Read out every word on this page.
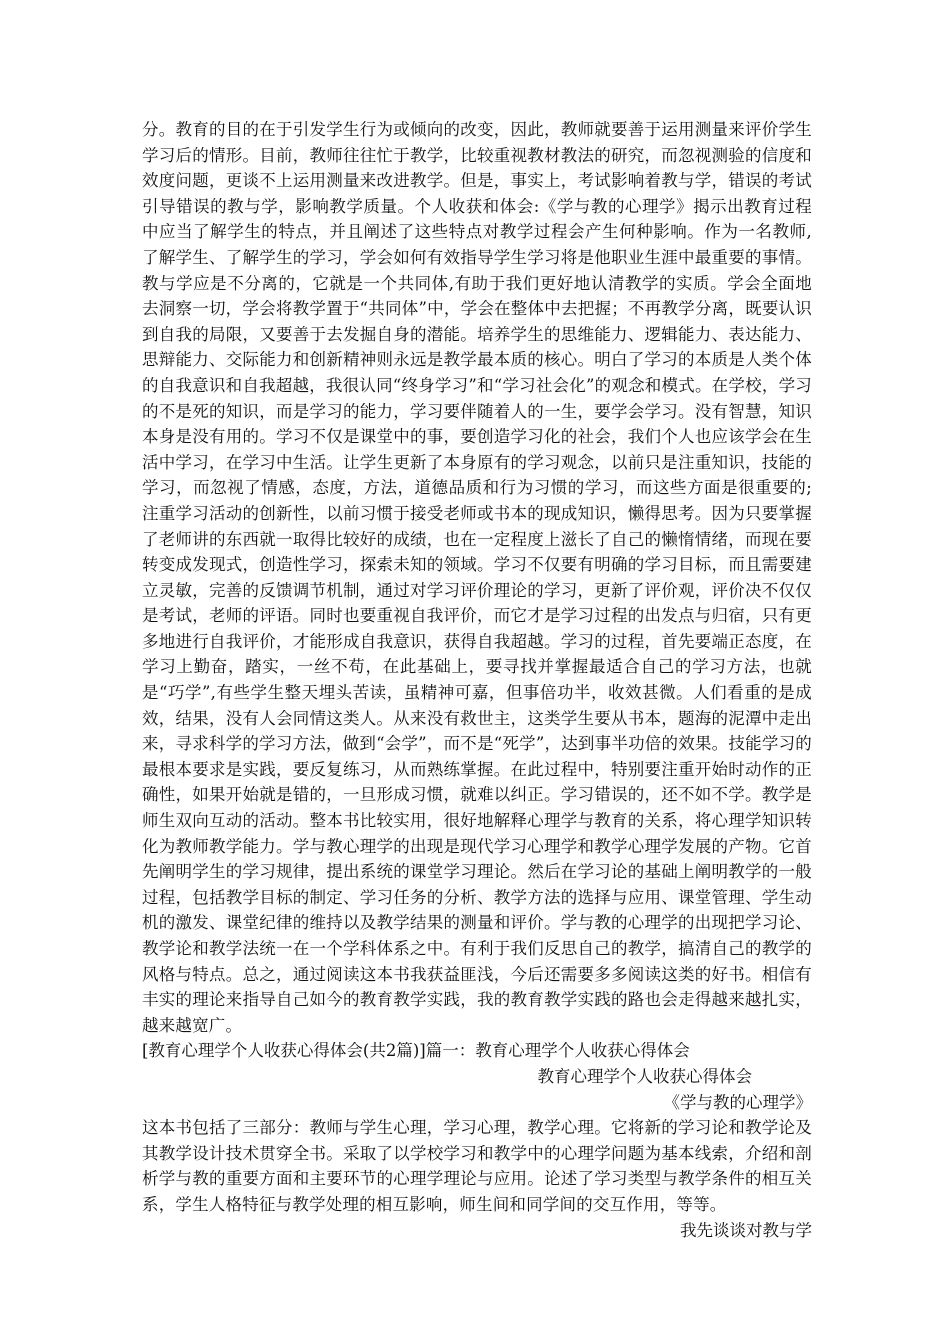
分。教育的目的在于引发学生行为或倾向的改变，因此，教师就要善于运用测量来评价学生学习后的情形。目前，教师往往忙于教学，比较重视教材教法的研究，而忽视测验的信度和效度问题，更谈不上运用测量来改进教学。但是，事实上，考试影响着教与学，错误的考试引导错误的教与学，影响教学质量。个人收获和体会:《学与教的心理学》揭示出教育过程中应当了解学生的特点，并且阐述了这些特点对教学过程会产生何种影响。作为一名教师,了解学生、了解学生的学习，学会如何有效指导学生学习将是他职业生涯中最重要的事情。教与学应是不分离的，它就是一个共同体,有助于我们更好地认清教学的实质。学会全面地去洞察一切，学会将教学置于“共同体”中，学会在整体中去把握；不再教学分离，既要认识到自我的局限，又要善于去发掘自身的潜能。培养学生的思维能力、逻辑能力、表达能力、思辩能力、交际能力和创新精神则永远是教学最本质的核心。明白了学习的本质是人类个体的自我意识和自我超越，我很认同“终身学习”和“学习社会化”的观念和模式。在学校，学习的不是死的知识，而是学习的能力，学习要伴随着人的一生，要学会学习。没有智慧，知识本身是没有用的。学习不仅是课堂中的事，要创造学习化的社会，我们个人也应该学会在生活中学习，在学习中生活。让学生更新了本身原有的学习观念，以前只是注重知识，技能的学习，而忽视了情感，态度，方法，道德品质和行为习惯的学习，而这些方面是很重要的;注重学习活动的创新性，以前习惯于接受老师或书本的现成知识，懒得思考。因为只要掌握了老师讲的东西就一取得比较好的成绩，也在一定程度上滋长了自己的懒惰情绪，而现在要转变成发现式，创造性学习，探索未知的领域。学习不仅要有明确的学习目标，而且需要建立灵敏，完善的反馈调节机制，通过对学习评价理论的学习，更新了评价观，评价决不仅仅是考试，老师的评语。同时也要重视自我评价，而它才是学习过程的出发点与归宿，只有更多地进行自我评价，才能形成自我意识，获得自我超越。学习的过程，首先要端正态度，在学习上勤奋，踏实，一丝不苟，在此基础上，要寻找并掌握最适合自己的学习方法，也就是“巧学”,有些学生整天埋头苦读，虽精神可嘉，但事倍功半，收效甚微。人们看重的是成效，结果，没有人会同情这类人。从来没有救世主，这类学生要从书本，题海的泥潭中走出来，寻求科学的学习方法，做到“会学”，而不是“死学”，达到事半功倍的效果。技能学习的最根本要求是实践，要反复练习，从而熟练掌握。在此过程中，特别要注重开始时动作的正确性，如果开始就是错的，一旦形成习惯，就难以纠正。学习错误的，还不如不学。教学是师生双向互动的活动。整本书比较实用，很好地解释心理学与教育的关系，将心理学知识转化为教师教学能力。学与教心理学的出现是现代学习心理学和教学心理学发展的产物。它首先阐明学生的学习规律，提出系统的课堂学习理论。然后在学习论的基础上阐明教学的一般过程，包括教学目标的制定、学习任务的分析、教学方法的选择与应用、课堂管理、学生动机的激发、课堂纪律的维持以及教学结果的测量和评价。学与教的心理学的出现把学习论、教学论和教学法统一在一个学科体系之中。有利于我们反思自己的教学，搞清自己的教学的风格与特点。总之，通过阅读这本书我获益匪浅，今后还需要多多阅读这类的好书。相信有丰实的理论来指导自己如今的教育教学实践，我的教育教学实践的路也会走得越来越扎实，越来越宽广。

[教育心理学个人收获心得体会(共2篇)]篇一：教育心理学个人收获心得体会

教育心理学个人收获心得体会

《学与教的心理学》

这本书包括了三部分：教师与学生心理，学习心理，教学心理。它将新的学习论和教学论及其教学设计技术贯穿全书。采取了以学校学习和教学中的心理学问题为基本线索，介绍和剖析学与教的重要方面和主要环节的心理学理论与应用。论述了学习类型与教学条件的相互关系，学生人格特征与教学处理的相互影响，师生间和同学间的交互作用，等等。

我先谈谈对教与学
